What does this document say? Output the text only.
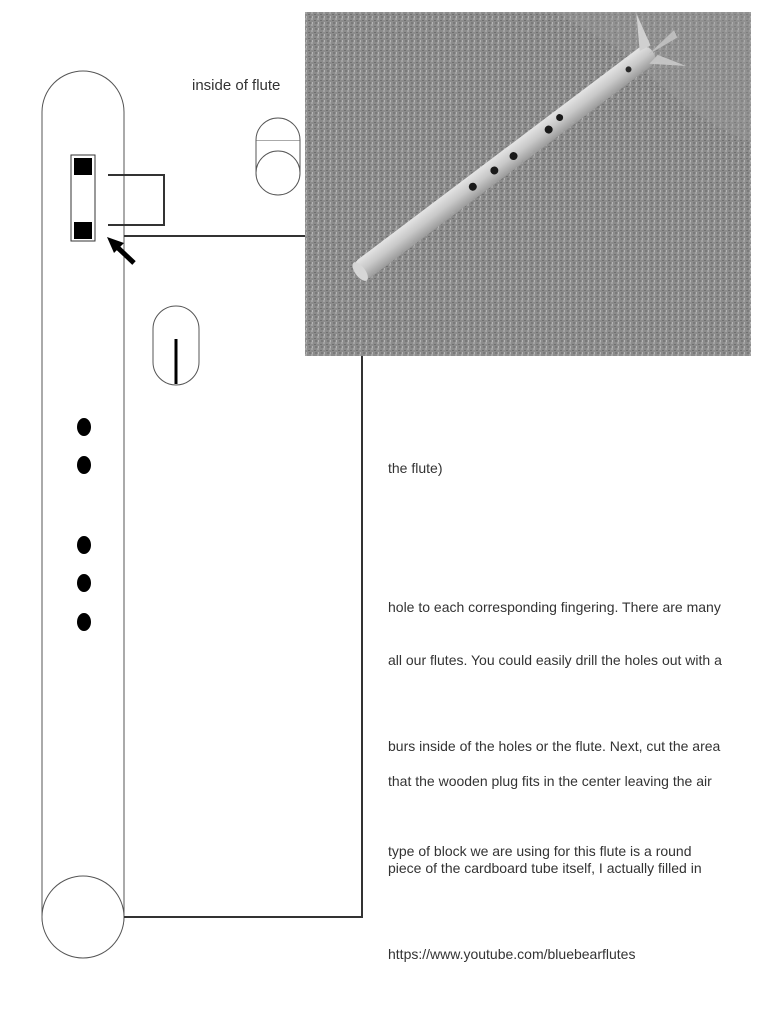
inside of flute
the flute)
hole to each corresponding fingering. There are many
all our flutes. You could easily drill the holes out with a
burs inside of the holes or the flute. Next, cut the area
that the wooden plug fits in the center leaving the air
type of block we are using for this flute is a round
piece of the cardboard tube itself, I actually filled in
https://www.youtube.com/bluebearflutes
